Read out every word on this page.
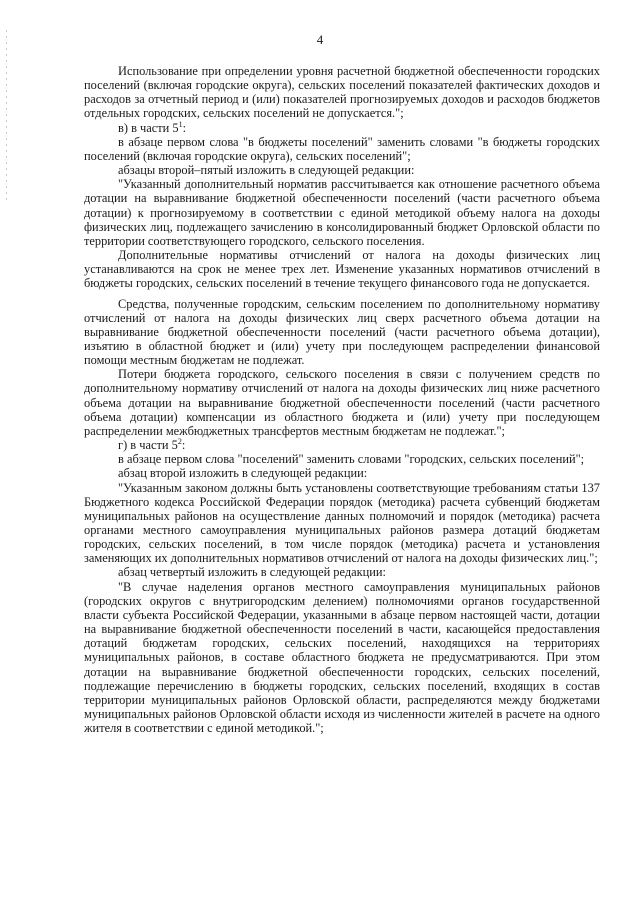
4

Использование при определении уровня расчетной бюджетной обеспеченности городских поселений (включая городские округа), сельских поселений показателей фактических доходов и расходов за отчетный период и (или) показателей прогнозируемых доходов и расходов бюджетов отдельных городских, сельских поселений не допускается.";

в) в части $5^1$:

в абзаце первом слова "в бюджеты поселений" заменить словами "в бюджеты городских поселений (включая городские округа), сельских поселений";

абзацы второй–пятый изложить в следующей редакции:

"Указанный дополнительный норматив рассчитывается как отношение расчетного объема дотации на выравнивание бюджетной обеспеченности поселений (части расчетного объема дотации) к прогнозируемому в соответствии с единой методикой объему налога на доходы физических лиц, подлежащего зачислению в консолидированный бюджет Орловской области по территории соответствующего городского, сельского поселения.

Дополнительные нормативы отчислений от налога на доходы физических лиц устанавливаются на срок не менее трех лет. Изменение указанных нормативов отчислений в бюджеты городских, сельских поселений в течение текущего финансового года не допускается.

Средства, полученные городским, сельским поселением по дополнительному нормативу отчислений от налога на доходы физических лиц сверх расчетного объема дотации на выравнивание бюджетной обеспеченности поселений (части расчетного объема дотации), изъятию в областной бюджет и (или) учету при последующем распределении финансовой помощи местным бюджетам не подлежат.

Потери бюджета городского, сельского поселения в связи с получением средств по дополнительному нормативу отчислений от налога на доходы физических лиц ниже расчетного объема дотации на выравнивание бюджетной обеспеченности поселений (части расчетного объема дотации) компенсации из областного бюджета и (или) учету при последующем распределении межбюджетных трансфертов местным бюджетам не подлежат.";

г) в части $5^2$:

в абзаце первом слова "поселений" заменить словами "городских, сельских поселений";

абзац второй изложить в следующей редакции:

"Указанным законом должны быть установлены соответствующие требованиям статьи 137 Бюджетного кодекса Российской Федерации порядок (методика) расчета субвенций бюджетам муниципальных районов на осуществление данных полномочий и порядок (методика) расчета органами местного самоуправления муниципальных районов размера дотаций бюджетам городских, сельских поселений, в том числе порядок (методика) расчета и установления заменяющих их дополнительных нормативов отчислений от налога на доходы физических лиц.";

абзац четвертый изложить в следующей редакции:

"В случае наделения органов местного самоуправления муниципальных районов (городских округов с внутригородским делением) полномочиями органов государственной власти субъекта Российской Федерации, указанными в абзаце первом настоящей части, дотации на выравнивание бюджетной обеспеченности поселений в части, касающейся предоставления дотаций бюджетам городских, сельских поселений, находящихся на территориях муниципальных районов, в составе областного бюджета не предусматриваются. При этом дотации на выравнивание бюджетной обеспеченности городских, сельских поселений, подлежащие перечислению в бюджеты городских, сельских поселений, входящих в состав территории муниципальных районов Орловской области, распределяются между бюджетами муниципальных районов Орловской области исходя из численности жителей в расчете на одного жителя в соответствии с единой методикой.";
